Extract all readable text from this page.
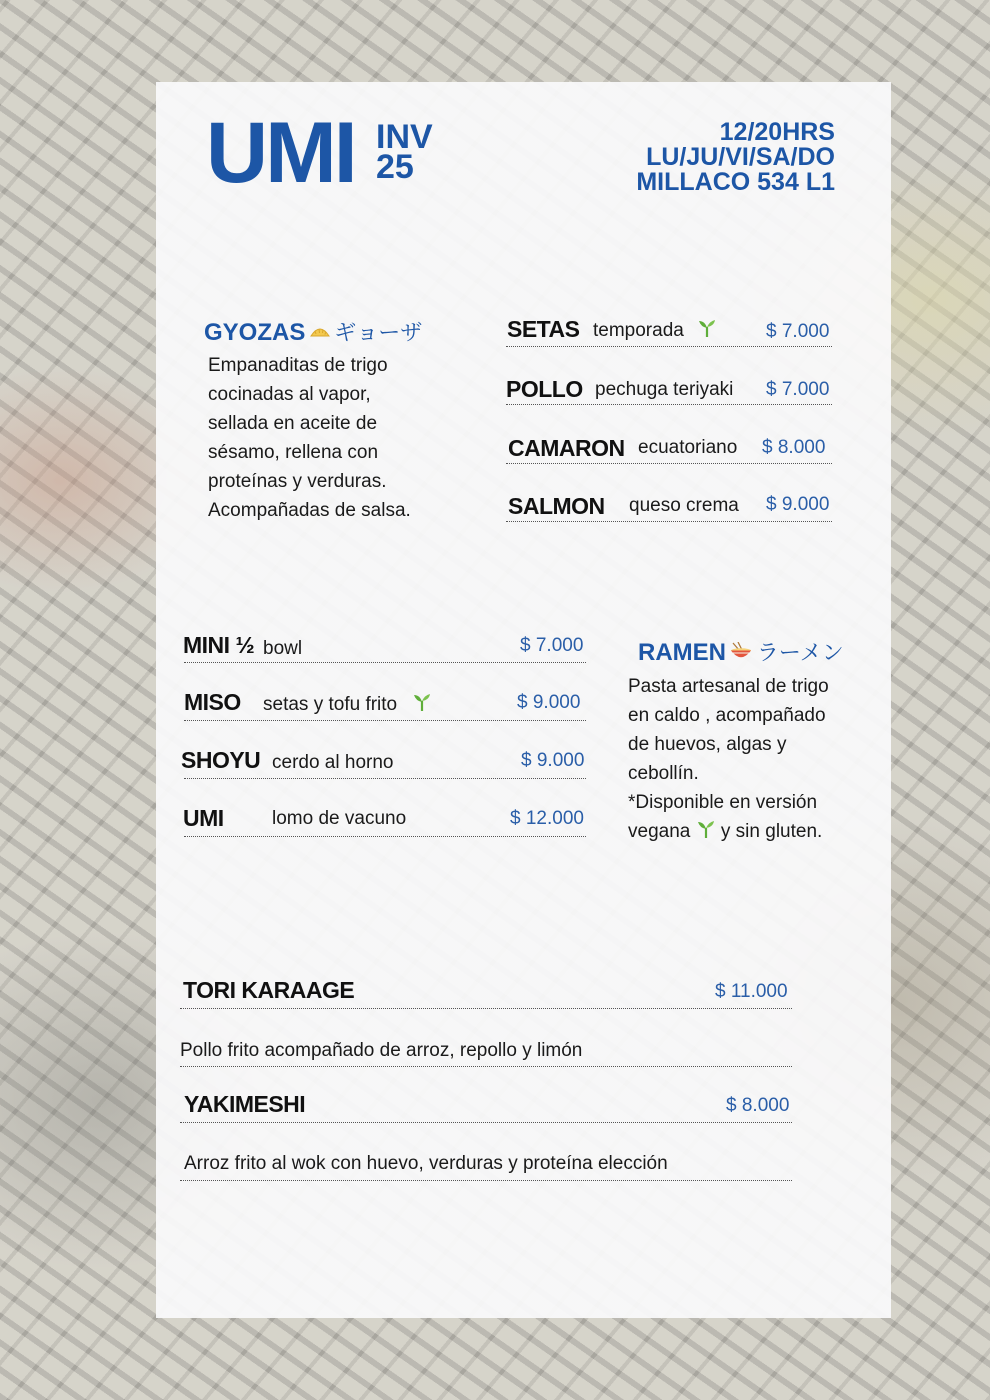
UMI INV
25
12/20HRS
LU/JU/VI/SA/DO
MILLACO 534 L1
GYOZAS ギョーザ
Empanaditas de trigo
cocinadas al vapor,
sellada en aceite de
sésamo, rellena con
proteínas y verduras.
Acompañadas de salsa.
SETAS temporada	$ 7.000
POLLO pechuga teriyaki $ 7.000
CAMARON ecuatoriano $ 8.000
SALMON queso crema $ 9.000
MINI ½ bowl	$ 7.000
MISO setas y tofu frito	$ 9.000
SHOYU cerdo al horno	$ 9.000
UMI	lomo de vacuno	$ 12.000
RAMEN ラーメン
Pasta artesanal de trigo
en caldo , acompañado
de huevos, algas y
cebollín.
*Disponible en versión
vegana y sin gluten.
TORI KARAAGE	$ 11.000
Pollo frito acompañado de arroz, repollo y limón
YAKIMESHI	$ 8.000
Arroz frito al wok con huevo, verduras y proteína elección
